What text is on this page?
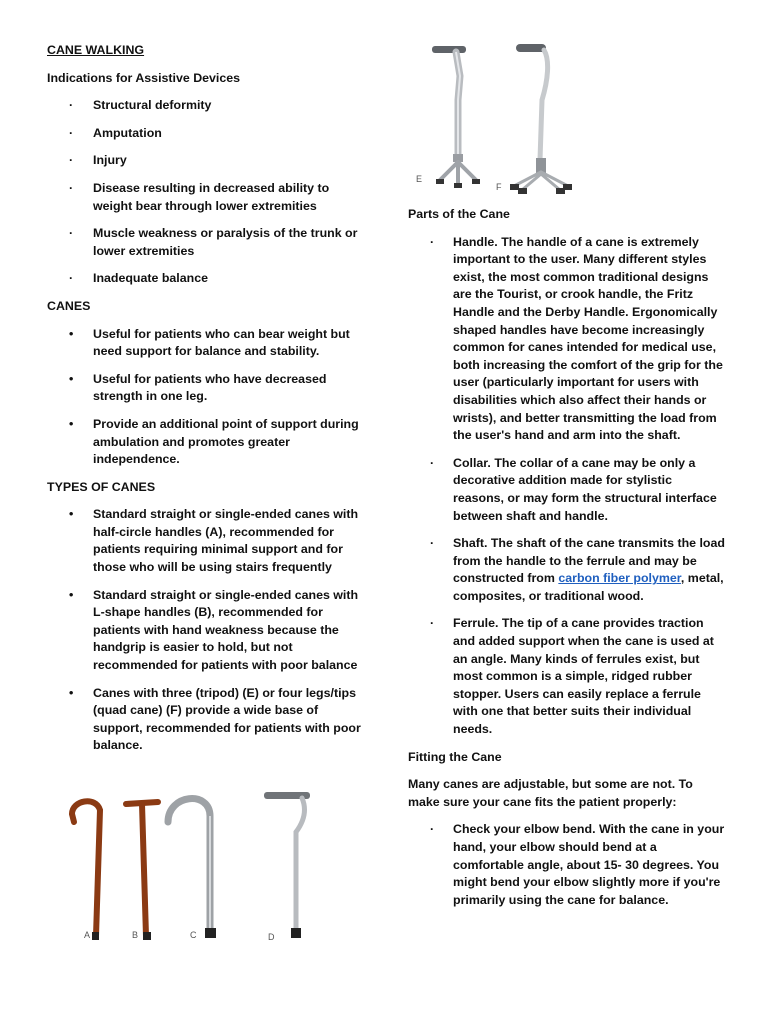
E
F
A	B	C	D

CANE WALKING

Indications for Assistive Devices

· Structural deformity
· Amputation
· Injury
· Disease resulting in decreased ability to weight bear through lower extremities
· Muscle weakness or paralysis of the trunk or lower extremities
· Inadequate balance

CANES

• Useful for patients who can bear weight but need support for balance and stability.
• Useful for patients who have decreased strength in one leg.
• Provide an additional point of support during ambulation and promotes greater independence.

TYPES OF CANES

• Standard straight or single-ended canes with half-circle handles (A), recommended for patients requiring minimal support and for those who will be using stairs frequently
• Standard straight or single-ended canes with L-shape handles (B), recommended for patients with hand weakness because the handgrip is easier to hold, but not recommended for patients with poor balance
• Canes with three (tripod) (E) or four legs/tips (quad cane) (F) provide a wide base of support, recommended for patients with poor balance.

Parts of the Cane

· Handle. The handle of a cane is extremely important to the user. Many different styles exist, the most common traditional designs are the Tourist, or crook handle, the Fritz Handle and the Derby Handle. Ergonomically shaped handles have become increasingly common for canes intended for medical use, both increasing the comfort of the grip for the user (particularly important for users with disabilities which also affect their hands or wrists), and better transmitting the load from the user's hand and arm into the shaft.
· Collar. The collar of a cane may be only a decorative addition made for stylistic reasons, or may form the structural interface between shaft and handle.
· Shaft. The shaft of the cane transmits the load from the handle to the ferrule and may be constructed from carbon fiber polymer, metal, composites, or traditional wood.
· Ferrule. The tip of a cane provides traction and added support when the cane is used at an angle. Many kinds of ferrules exist, but most common is a simple, ridged rubber stopper. Users can easily replace a ferrule with one that better suits their individual needs.

Fitting the Cane

Many canes are adjustable, but some are not. To make sure your cane fits the patient properly:

· Check your elbow bend. With the cane in your hand, your elbow should bend at a comfortable angle, about 15- 30 degrees. You might bend your elbow slightly more if you're primarily using the cane for balance.
